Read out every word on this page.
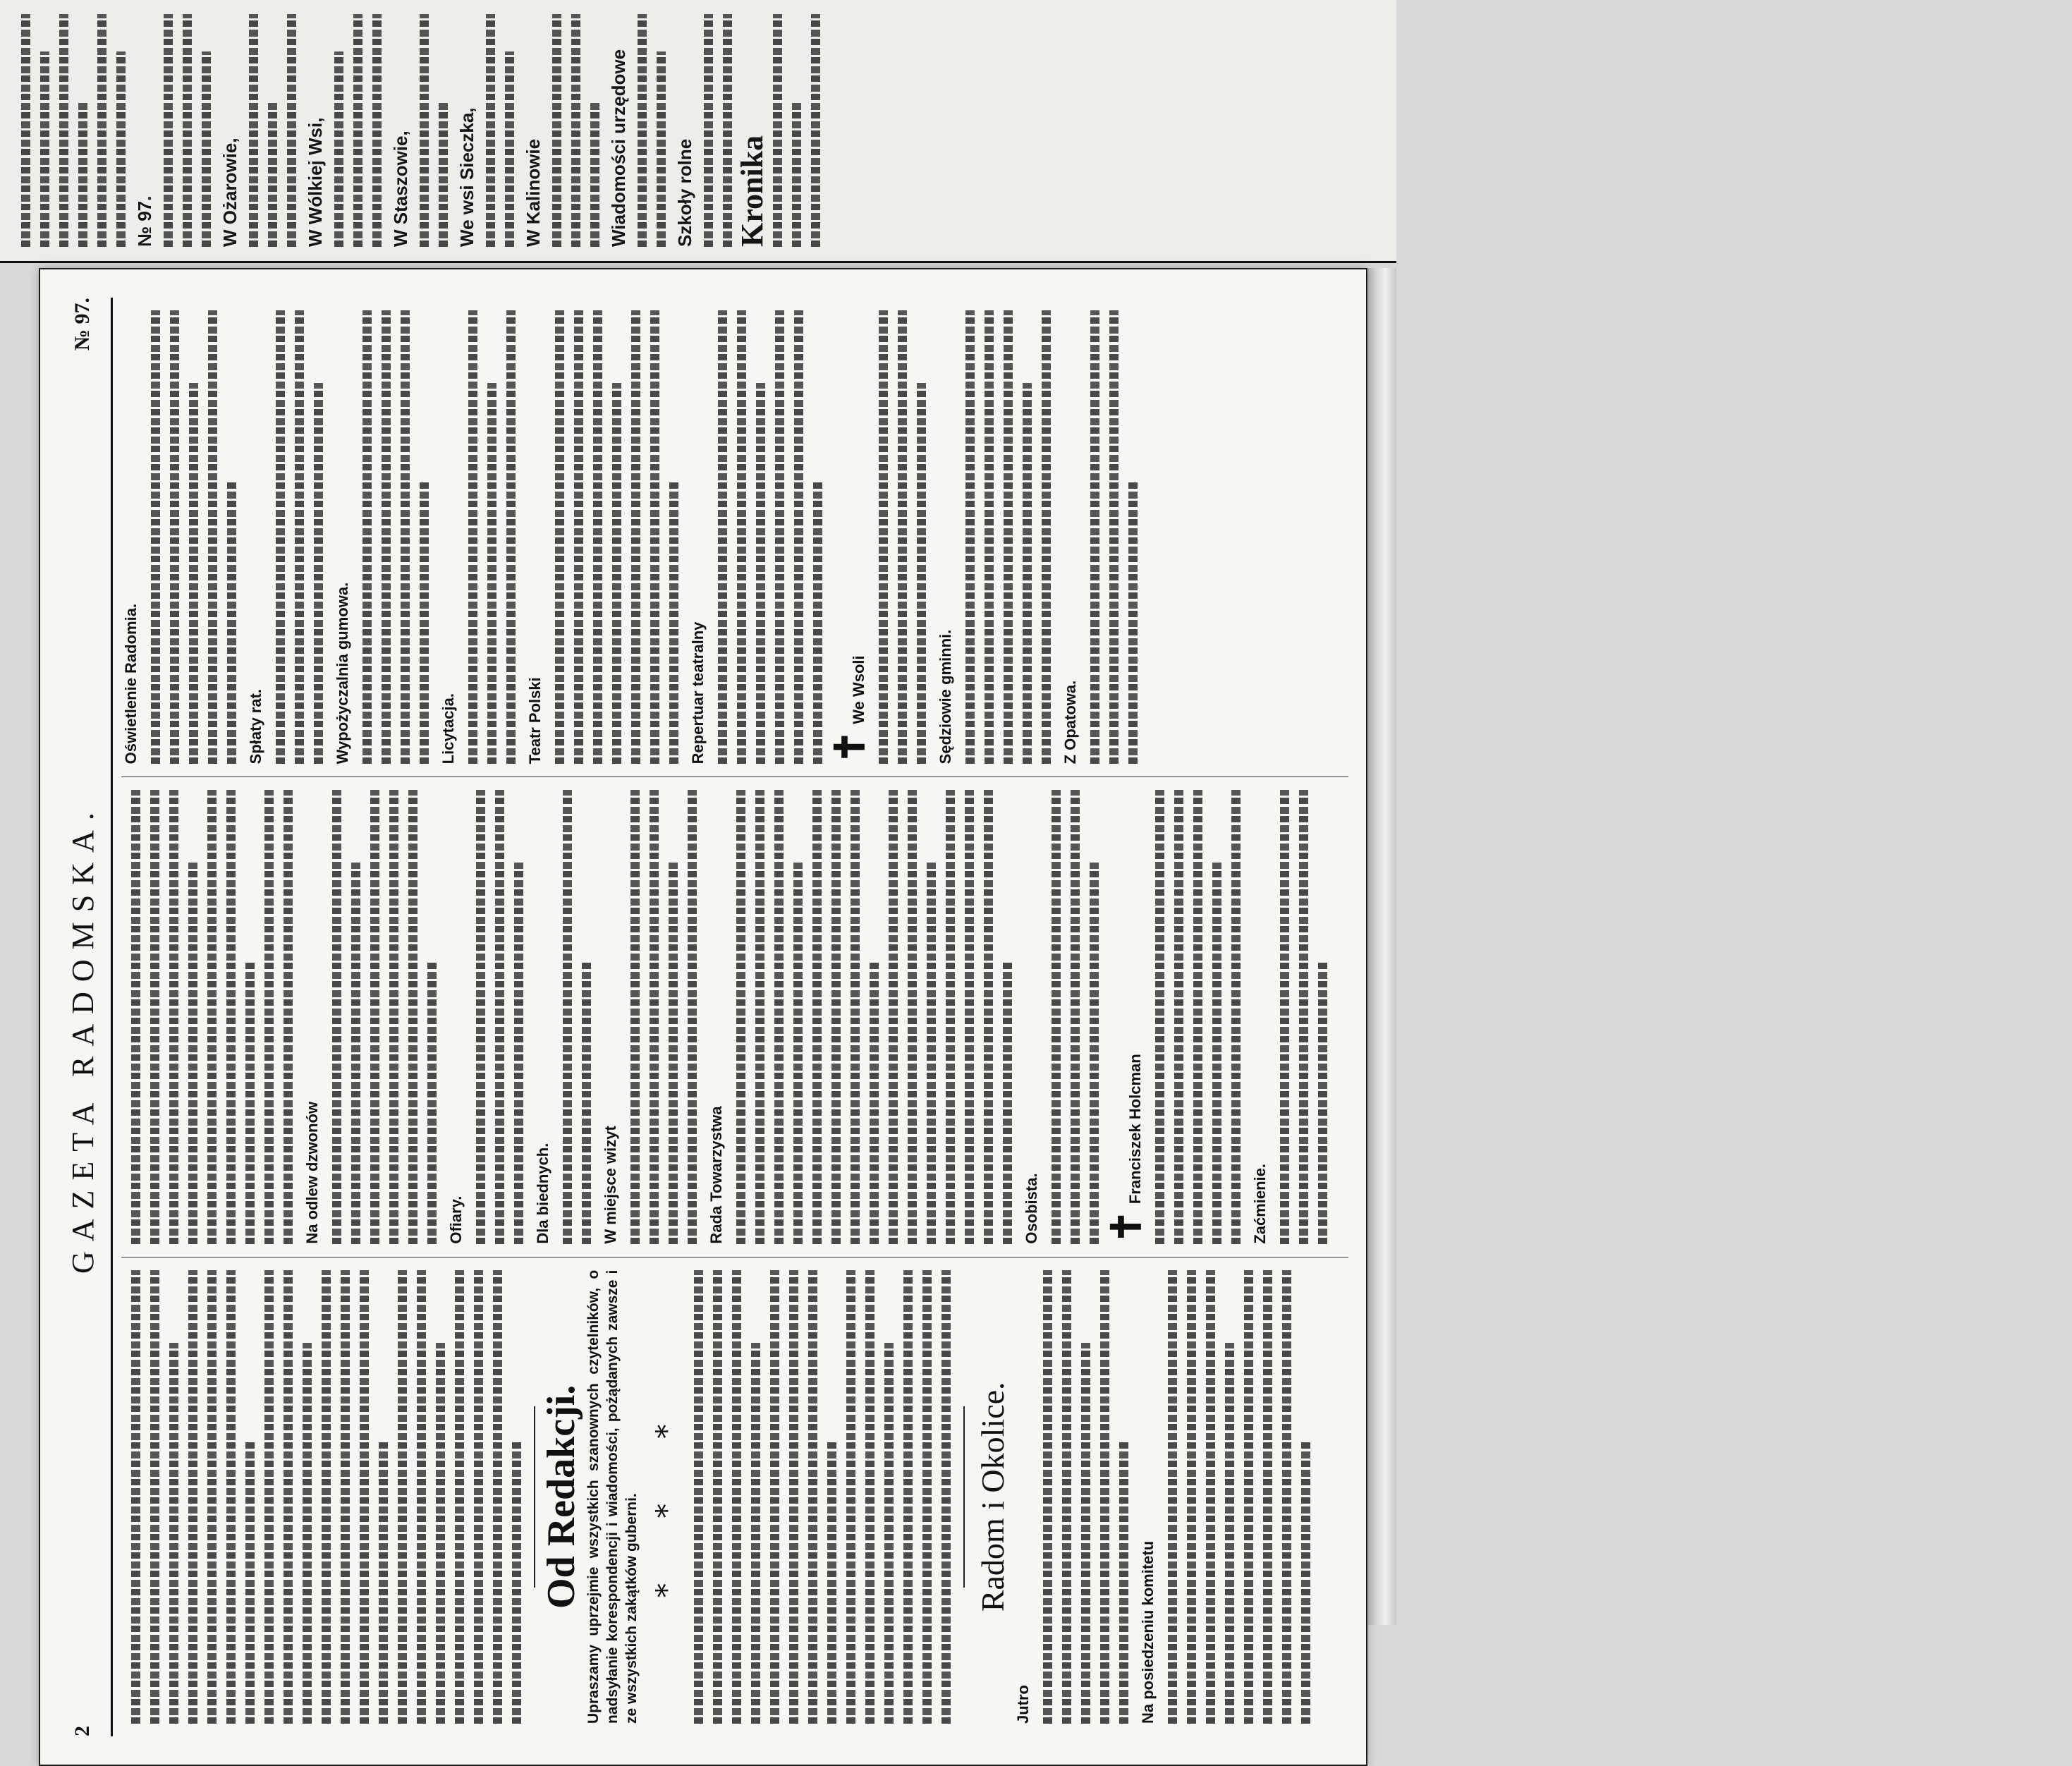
№ 97.	W Ożarowie,	W Wólkiej Wsi,	W Staszowie, We wsi Sieczka, W Kalinowie	Wiadomości urzędowe Szkoły rolne Kronika
2
GAZETA RADOMSKA.
№ 97.
Od Redakcji. Upraszamy uprzejmie wszystkich szanownych czytelników, o nadsyłanie korespondencji i wiadomości, pożądanych zawsze i ze wszystkich zakątków guberni. * * *	Radom i Okolice.
Jutro	Na posiedzeniu komitetu
Na odlew dzwonów	Ofiary.	Dla biednych.	W miejsce wizyt	Rada Towarzystwa	Osobista. ✝Franciszek Holcman	Zaćmienie.
Oświetlenie Radomia.	Spłaty rat.	Wypożyczalnia gumowa.	Licytacja.	Teatr Polski	Repertuar teatralny	✝We Wsoli	Sędziowie gminni.	Z Opatowa.
